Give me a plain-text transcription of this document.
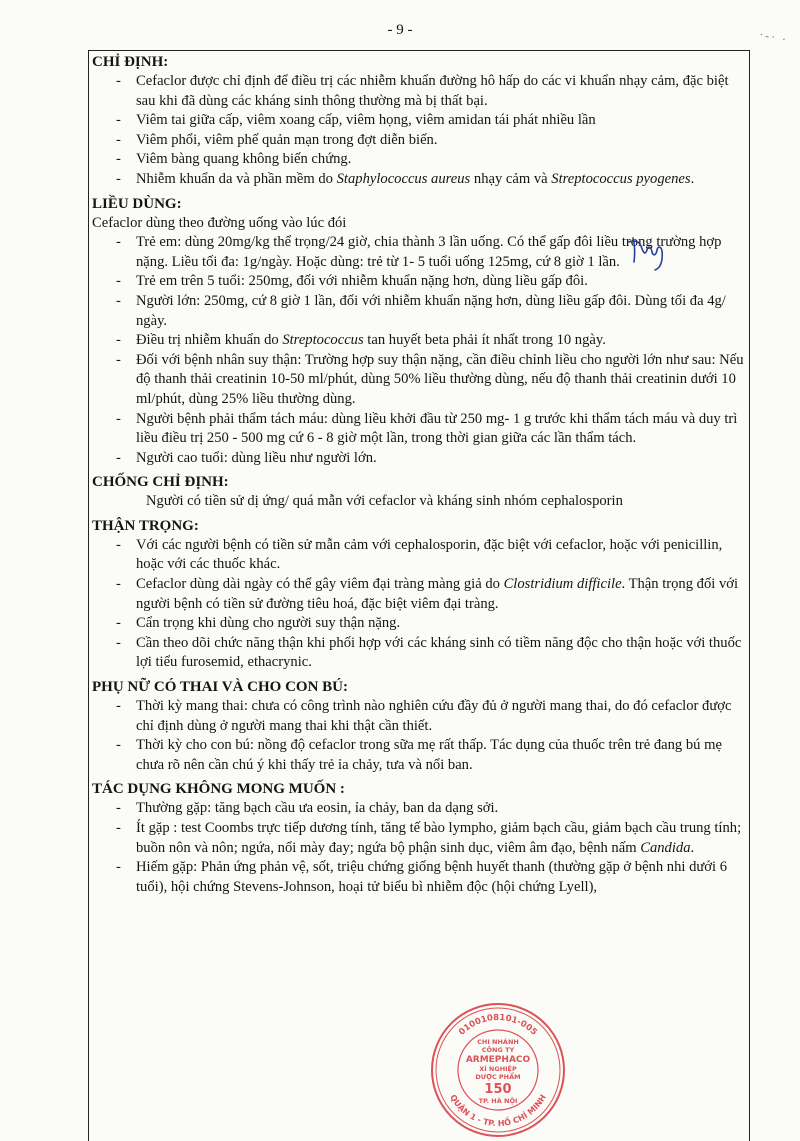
- 9 -	·-· ·
CHỈ ĐỊNH:
- Cefaclor được chỉ định để điều trị các nhiễm khuẩn đường hô hấp do các vi khuẩn nhạy cảm, đặc biệt sau khi đã dùng các kháng sinh thông thường mà bị thất bại.
- Viêm tai giữa cấp, viêm xoang cấp, viêm họng, viêm amidan tái phát nhiều lần
- Viêm phổi, viêm phế quản mạn trong đợt diễn biến.
- Viêm bàng quang không biến chứng.
- Nhiễm khuẩn da và phần mềm do Staphylococcus aureus nhạy cảm và Streptococcus pyogenes.
LIỀU DÙNG:

Cefaclor dùng theo đường uống vào lúc đói

- Trẻ em: dùng 20mg/kg thể trọng/24 giờ, chia thành 3 lần uống. Có thể gấp đôi liều trong trường hợp nặng. Liều tối đa: 1g/ngày. Hoặc dùng: trẻ từ 1- 5 tuổi uống 125mg, cứ 8 giờ 1 lần.
- Trẻ em trên 5 tuổi: 250mg, đối với nhiễm khuẩn nặng hơn, dùng liều gấp đôi.
- Người lớn: 250mg, cứ 8 giờ 1 lần, đối với nhiễm khuẩn nặng hơn, dùng liều gấp đôi. Dùng tối đa 4g/ ngày.
- Điều trị nhiễm khuẩn do Streptococcus tan huyết beta phải ít nhất trong 10 ngày.
- Đối với bệnh nhân suy thận: Trường hợp suy thận nặng, cần điều chỉnh liều cho người lớn như sau: Nếu độ thanh thải creatinin 10-50 ml/phút, dùng 50% liều thường dùng, nếu độ thanh thải creatinin dưới 10 ml/phút, dùng 25% liều thường dùng.
- Người bệnh phải thẩm tách máu: dùng liều khởi đầu từ 250 mg- 1 g trước khi thẩm tách máu và duy trì liều điều trị 250 - 500 mg cứ 6 - 8 giờ một lần, trong thời gian giữa các lần thẩm tách.
- Người cao tuổi: dùng liều như người lớn.
CHỐNG CHỈ ĐỊNH:

Người có tiền sử dị ứng/ quá mẫn với cefaclor và kháng sinh nhóm cephalosporin

THẬN TRỌNG:
- Với các người bệnh có tiền sử mẫn cảm với cephalosporin, đặc biệt với cefaclor, hoặc với penicillin, hoặc với các thuốc khác.
- Cefaclor dùng dài ngày có thể gây viêm đại tràng màng giả do Clostridium difficile. Thận trọng đối với người bệnh có tiền sử đường tiêu hoá, đặc biệt viêm đại tràng.
- Cẩn trọng khi dùng cho người suy thận nặng.
- Cần theo dõi chức năng thận khi phối hợp với các kháng sinh có tiềm năng độc cho thận hoặc với thuốc lợi tiểu furosemid, ethacrynic.
PHỤ NỮ CÓ THAI VÀ CHO CON BÚ:
- Thời kỳ mang thai: chưa có công trình nào nghiên cứu đầy đủ ở người mang thai, do đó cefaclor được chỉ định dùng ở người mang thai khi thật cần thiết.
- Thời kỳ cho con bú: nồng độ cefaclor trong sữa mẹ rất thấp. Tác dụng của thuốc trên trẻ đang bú mẹ chưa rõ nên cần chú ý khi thấy trẻ ỉa chảy, tưa và nổi ban.
TÁC DỤNG KHÔNG MONG MUỐN :
- Thường gặp: tăng bạch cầu ưa eosin, ỉa chảy, ban da dạng sởi.
- Ít gặp : test Coombs trực tiếp dương tính, tăng tế bào lympho, giảm bạch cầu, giảm bạch cầu trung tính; buồn nôn và nôn; ngứa, nổi mày đay; ngứa bộ phận sinh dục, viêm âm đạo, bệnh nấm Candida.
- Hiếm gặp: Phản ứng phản vệ, sốt, triệu chứng giống bệnh huyết thanh (thường gặp ở bệnh nhi dưới 6 tuổi), hội chứng Stevens-Johnson, hoại tử biểu bì nhiễm độc (hội chứng Lyell),
0100108101-005
QUẬN 1 - TP. HỒ CHÍ MINH
CHI NHÁNH
CÔNG TY
ARMEPHACO
XÍ NGHIỆP
DƯỢC PHẨM
150
TP. HÀ NỘI
